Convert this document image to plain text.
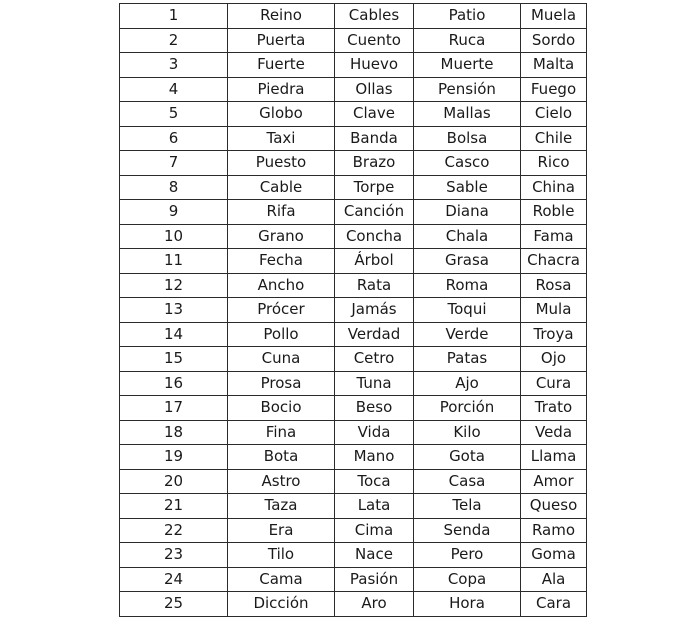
1	Reino	Cables	Patio	Muela
2	Puerta	Cuento	Ruca	Sordo
3	Fuerte	Huevo	Muerte	Malta
4	Piedra	Ollas	Pensión	Fuego
5	Globo	Clave	Mallas	Cielo
6	Taxi	Banda	Bolsa	Chile
7	Puesto	Brazo	Casco	Rico
8	Cable	Torpe	Sable	China
9	Rifa	Canción	Diana	Roble
10	Grano	Concha	Chala	Fama
11	Fecha	Árbol	Grasa	Chacra
12	Ancho	Rata	Roma	Rosa
13	Prócer	Jamás	Toqui	Mula
14	Pollo	Verdad	Verde	Troya
15	Cuna	Cetro	Patas	Ojo
16	Prosa	Tuna	Ajo	Cura
17	Bocio	Beso	Porción	Trato
18	Fina	Vida	Kilo	Veda
19	Bota	Mano	Gota	Llama
20	Astro	Toca	Casa	Amor
21	Taza	Lata	Tela	Queso
22	Era	Cima	Senda	Ramo
23	Tilo	Nace	Pero	Goma
24	Cama	Pasión	Copa	Ala
25	Dicción	Aro	Hora	Cara
